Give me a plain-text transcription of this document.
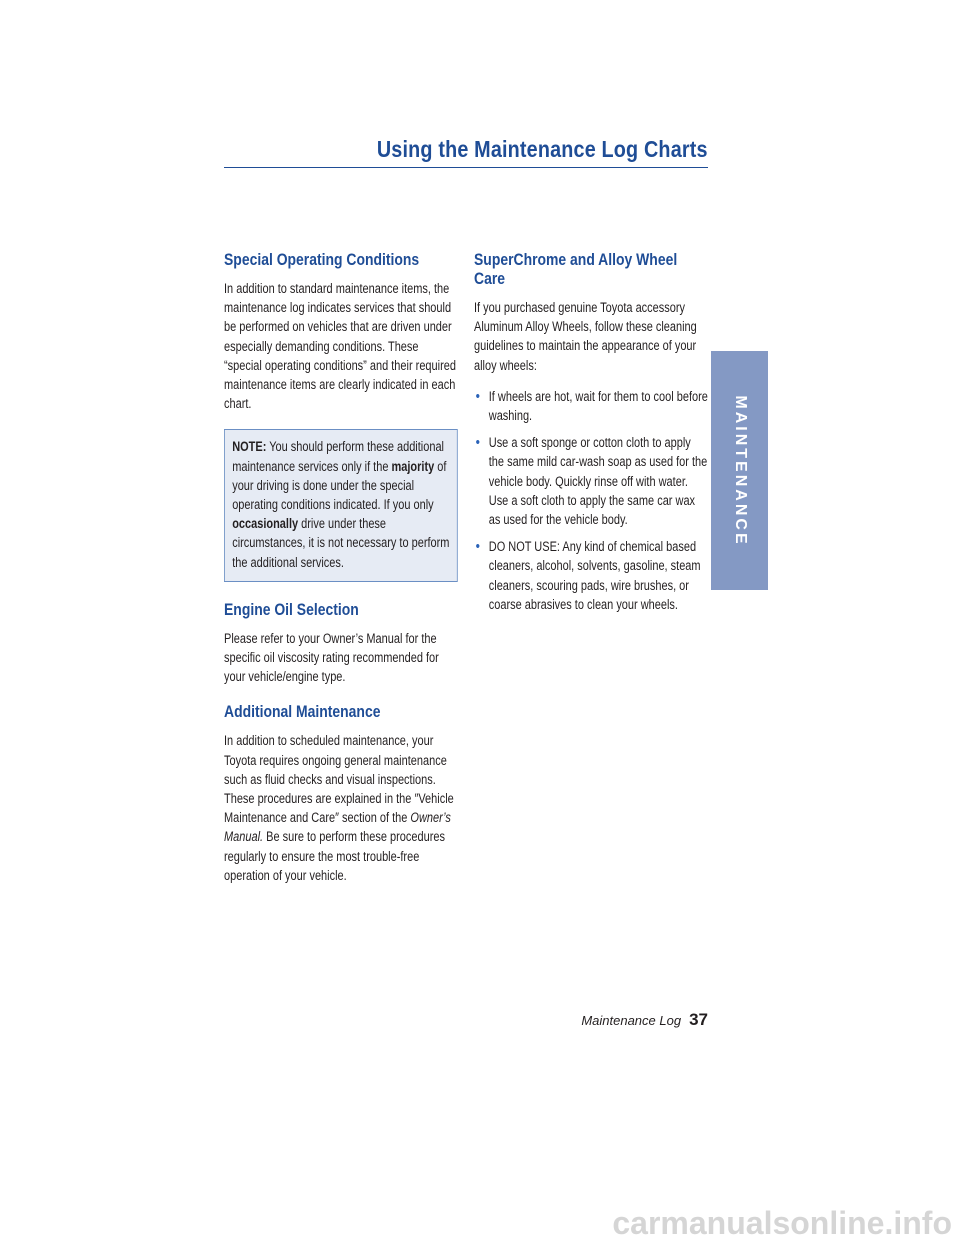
Using the Maintenance Log Charts
Special Operating Conditions

In addition to standard maintenance items, the maintenance log indicates services that should be performed on vehicles that are driven under especially demanding conditions. These “special operating conditions” and their required maintenance items are clearly indicated in each chart.

NOTE: You should perform these additional maintenance services only if the majority of your driving is done under the special operating conditions indicated. If you only occasionally drive under these circumstances, it is not necessary to perform the additional services.

Engine Oil Selection

Please refer to your Owner’s Manual for the specific oil viscosity rating recommended for your vehicle/engine type.

Additional Maintenance

In addition to scheduled maintenance, your Toyota requires ongoing general maintenance such as fluid checks and visual inspections. These procedures are explained in the ″Vehicle Maintenance and Care″ section of the Owner’s Manual. Be sure to perform these procedures regularly to ensure the most trouble-free operation of your vehicle.

SuperChrome and Alloy Wheel Care

If you purchased genuine Toyota accessory Aluminum Alloy Wheels, follow these cleaning guidelines to maintain the appearance of your alloy wheels:

• If wheels are hot, wait for them to cool before washing.
• Use a soft sponge or cotton cloth to apply the same mild car-wash soap as used for the vehicle body. Quickly rinse off with water. Use a soft cloth to apply the same car wax as used for the vehicle body.
• DO NOT USE: Any kind of chemical based cleaners, alcohol, solvents, gasoline, steam cleaners, scouring pads, wire brushes, or coarse abrasives to clean your wheels.
MAINTENANCE
Maintenance Log 37
carmanualsonline.info
